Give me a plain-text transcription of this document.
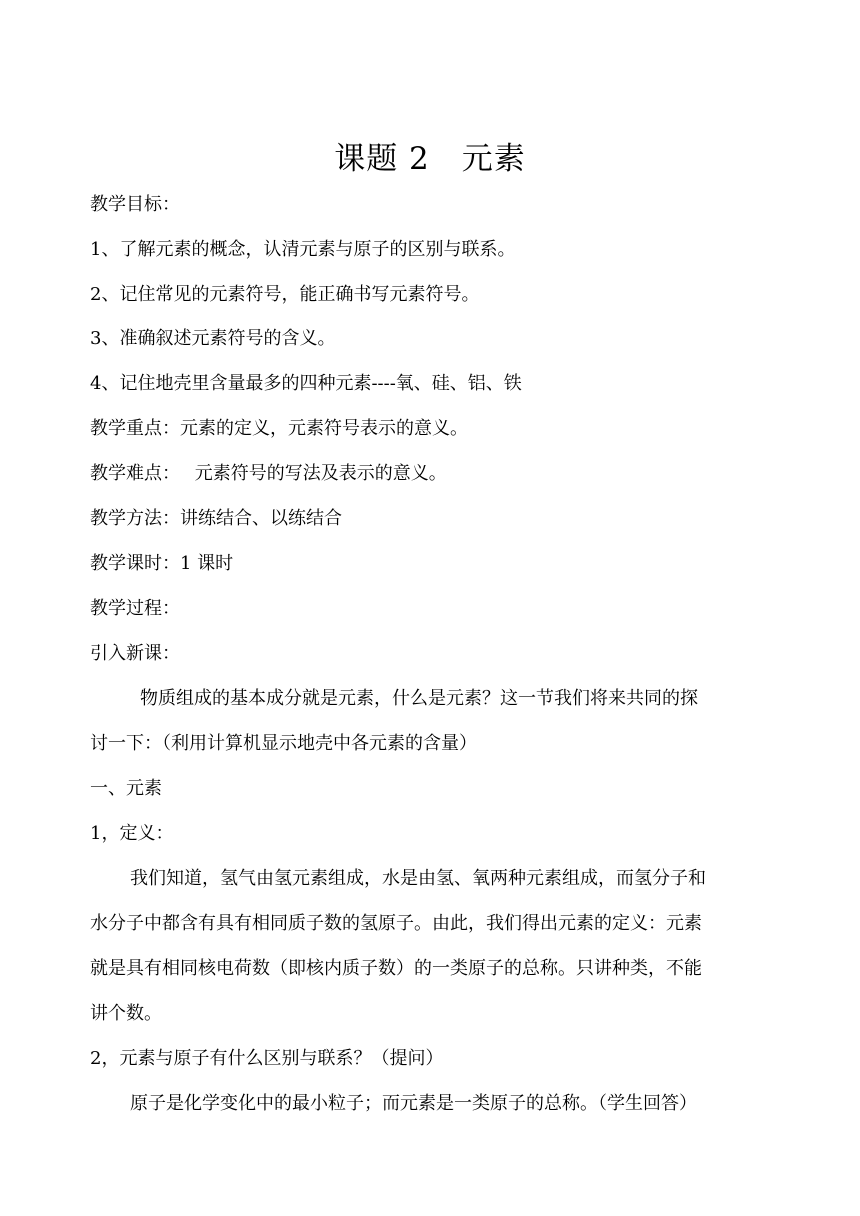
课题 2　元素
教学目标：
1、了解元素的概念，认清元素与原子的区别与联系。
2、记住常见的元素符号，能正确书写元素符号。
3、准确叙述元素符号的含义。
4、记住地壳里含量最多的四种元素----氧、硅、铝、铁
教学重点：元素的定义，元素符号表示的意义。
教学难点：　 元素符号的写法及表示的意义。
教学方法：讲练结合、以练结合
教学课时：1 课时
教学过程：
引入新课：
物质组成的基本成分就是元素，什么是元素？这一节我们将来共同的探
讨一下：（利用计算机显示地壳中各元素的含量）
一、元素
1，定义：
我们知道，氢气由氢元素组成，水是由氢、氧两种元素组成，而氢分子和
水分子中都含有具有相同质子数的氢原子。由此，我们得出元素的定义：元素
就是具有相同核电荷数（即核内质子数）的一类原子的总称。只讲种类，不能
讲个数。
2，元素与原子有什么区别与联系？（提问）
原子是化学变化中的最小粒子；而元素是一类原子的总称。（学生回答）
